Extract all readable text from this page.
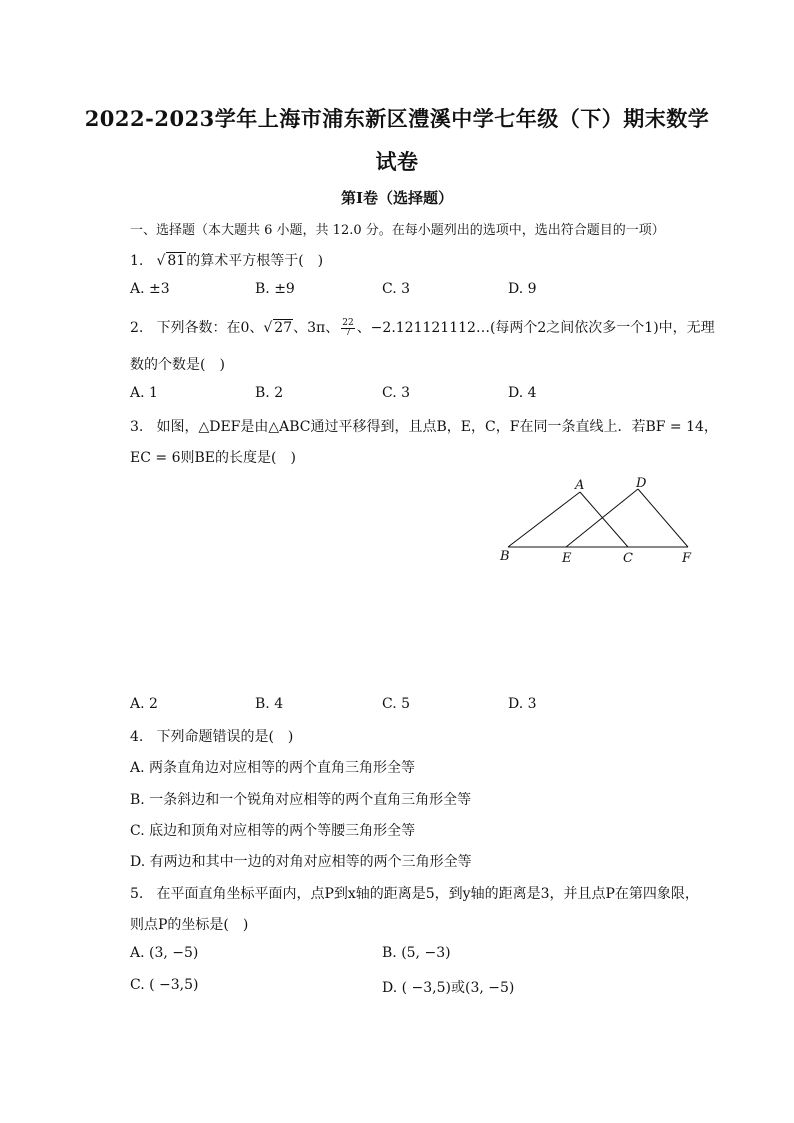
2022-2023学年上海市浦东新区澧溪中学七年级（下）期末数学
试卷
第I卷（选择题）
一、选择题（本大题共 6 小题，共 12.0 分。在每小题列出的选项中，选出符合题目的一项）
1. √ 81的算术平方根等于(　)
A. ±3	B. ±9	C. 3	D. 9
2. 下列各数：在0、√ 27、3π、 $\frac{22}{7}$ 、−2.121121112…(每两个2之间依次多一个1)中，无理
数的个数是(　)
A. 1	B. 2	C. 3	D. 4
3. 如图，△DEF是由△ABC通过平移得到，且点B，E，C，F在同一条直线上．若BF = 14，
EC = 6则BE的长度是(　)
A	D
B	E	C	F
A. 2	B. 4	C. 5	D. 3
4. 下列命题错误的是(　)
A. 两条直角边对应相等的两个直角三角形全等
B. 一条斜边和一个锐角对应相等的两个直角三角形全等
C. 底边和顶角对应相等的两个等腰三角形全等
D. 有两边和其中一边的对角对应相等的两个三角形全等
5. 在平面直角坐标平面内，点P到x轴的距离是5，到y轴的距离是3，并且点P在第四象限，
则点P的坐标是(　)
A. (3, −5)	B. (5, −3)
C. ( −3,5)	D. ( −3,5)或(3, −5)
